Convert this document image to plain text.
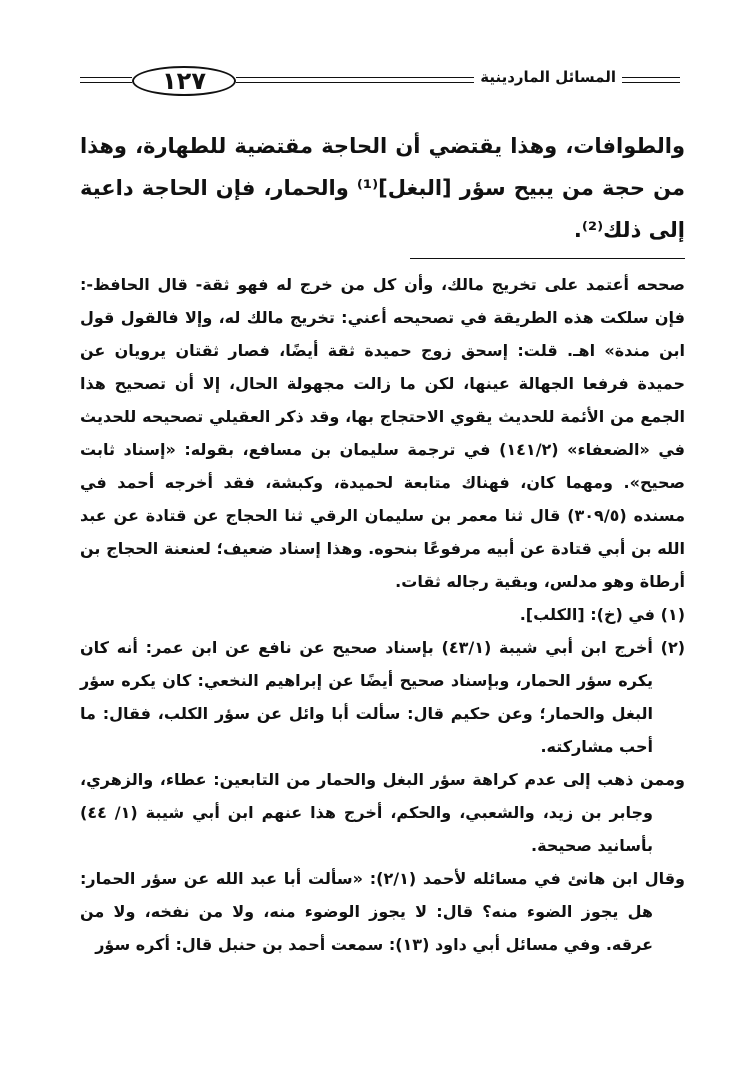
١٢٧	المسائل الماردينية

والطوافات، وهذا يقتضي أن الحاجة مقتضية للطهارة، وهذا من حجة من يبيح سؤر [البغل]⁽¹⁾ والحمار، فإن الحاجة داعية إلى ذلك⁽²⁾.

صححه أعتمد على تخريج مالك، وأن كل من خرج له فهو ثقة- قال الحافظ-: فإن سلكت هذه الطريقة في تصحيحه أعني: تخريج مالك له، وإلا فالقول قول ابن مندة» اهـ. قلت: إسحق زوج حميدة ثقة أيضًا، فصار ثقتان يرويان عن حميدة فرفعا الجهالة عينها، لكن ما زالت مجهولة الحال، إلا أن تصحيح هذا الجمع من الأئمة للحديث يقوي الاحتجاج بها، وقد ذكر العقيلي تصحيحه للحديث في «الضعفاء» (١٤١/٢) في ترجمة سليمان بن مسافع، بقوله: «إسناد ثابت صحيح». ومهما كان، فهناك متابعة لحميدة، وكبشة، فقد أخرجه أحمد في مسنده (٣٠٩/٥) قال ثنا معمر بن سليمان الرقي ثنا الحجاج عن قتادة عن عبد الله بن أبي قتادة عن أبيه مرفوعًا بنحوه. وهذا إسناد ضعيف؛ لعنعنة الحجاج بن أرطاة وهو مدلس، وبقية رجاله ثقات.

(١) في (خ): [الكلب].

(٢) أخرج ابن أبي شيبة (٤٣/١) بإسناد صحيح عن نافع عن ابن عمر: أنه كان يكره سؤر الحمار، وبإسناد صحيح أيضًا عن إبراهيم النخعي: كان يكره سؤر البغل والحمار؛ وعن حكيم قال: سألت أبا وائل عن سؤر الكلب، فقال: ما أحب مشاركته.

وممن ذهب إلى عدم كراهة سؤر البغل والحمار من التابعين: عطاء، والزهري، وجابر بن زيد، والشعبي، والحكم، أخرج هذا عنهم ابن أبي شيبة (١/ ٤٤) بأسانيد صحيحة.

وقال ابن هانئ في مسائله لأحمد (٢/١): «سألت أبا عبد الله عن سؤر الحمار: هل يجوز الضوء منه؟ قال: لا يجوز الوضوء منه، ولا من نفخه، ولا من عرقه. وفي مسائل أبي داود (١٣): سمعت أحمد بن حنبل قال: أكره سؤر
